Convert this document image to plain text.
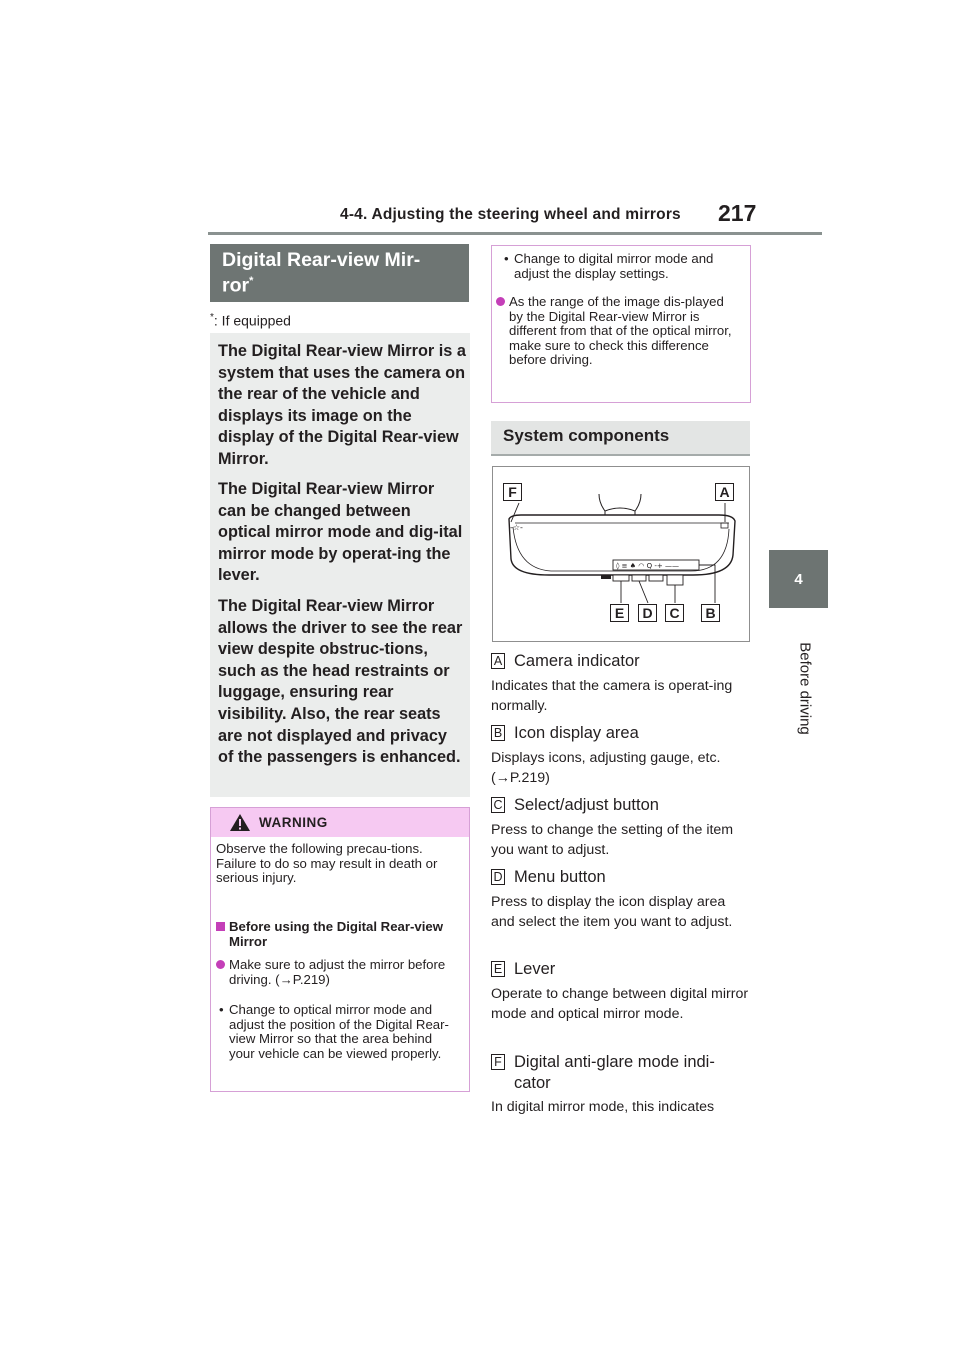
4-4. Adjusting the steering wheel and mirrors 217
4
Before driving
Digital Rear-view Mir-
ror*
*: If equipped

The Digital Rear-view Mirror is a system that uses the camera on the rear of the vehicle and displays its image on the display of the Digital Rear-view Mirror.

The Digital Rear-view Mirror can be changed between optical mirror mode and dig-ital mirror mode by operat-ing the lever.

The Digital Rear-view Mirror allows the driver to see the rear view despite obstruc-tions, such as the head restraints or luggage, ensuring rear visibility. Also, the rear seats are not displayed and privacy of the passengers is enhanced.

WARNING
Observe the following precau-tions. Failure to do so may result in death or serious injury.
Before using the Digital Rear-view Mirror
Make sure to adjust the mirror before driving. (→P.219)
• Change to optical mirror mode and adjust the position of the Digital Rear-view Mirror so that the area behind your vehicle can be viewed properly.
• Change to digital mirror mode and adjust the display settings.
As the range of the image dis-played by the Digital Rear-view Mirror is different from that of the optical mirror, make sure to check this difference before driving.
System components
-☆-
◊ ≡ ♠ ◠ Q -+ ——
F	A
E	D	C	B
A Camera indicator
Indicates that the camera is operat-ing normally.
B Icon display area
Displays icons, adjusting gauge, etc. (→P.219)
C Select/adjust button
Press to change the setting of the item you want to adjust.
D Menu button
Press to display the icon display area and select the item you want to adjust.
E Lever
Operate to change between digital mirror mode and optical mirror mode.
F Digital anti-glare mode indi-cator
In digital mirror mode, this indicates
